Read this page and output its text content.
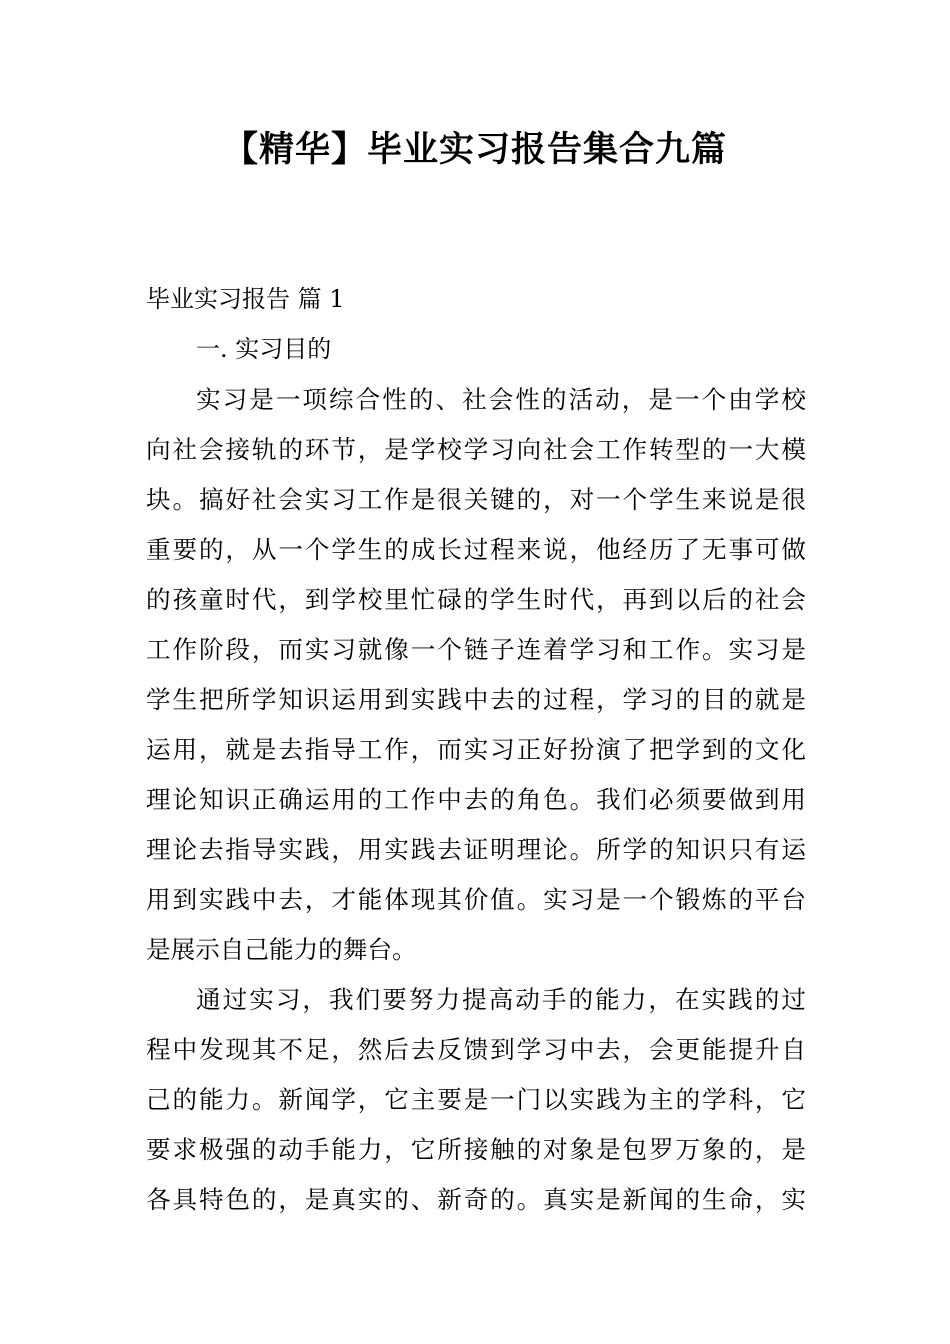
【精华】毕业实习报告集合九篇
毕业实习报告 篇 1

一. 实习目的

实习是一项综合性的、社会性的活动，是一个由学校
向社会接轨的环节，是学校学习向社会工作转型的一大模
块。搞好社会实习工作是很关键的，对一个学生来说是很
重要的，从一个学生的成长过程来说，他经历了无事可做
的孩童时代，到学校里忙碌的学生时代，再到以后的社会
工作阶段，而实习就像一个链子连着学习和工作。实习是
学生把所学知识运用到实践中去的过程，学习的目的就是
运用，就是去指导工作，而实习正好扮演了把学到的文化
理论知识正确运用的工作中去的角色。我们必须要做到用
理论去指导实践，用实践去证明理论。所学的知识只有运
用到实践中去，才能体现其价值。实习是一个锻炼的平台
是展示自己能力的舞台。
通过实习，我们要努力提高动手的能力，在实践的过
程中发现其不足，然后去反馈到学习中去，会更能提升自
己的能力。新闻学，它主要是一门以实践为主的学科，它
要求极强的动手能力，它所接触的对象是包罗万象的，是
各具特色的，是真实的、新奇的。真实是新闻的生命，实
